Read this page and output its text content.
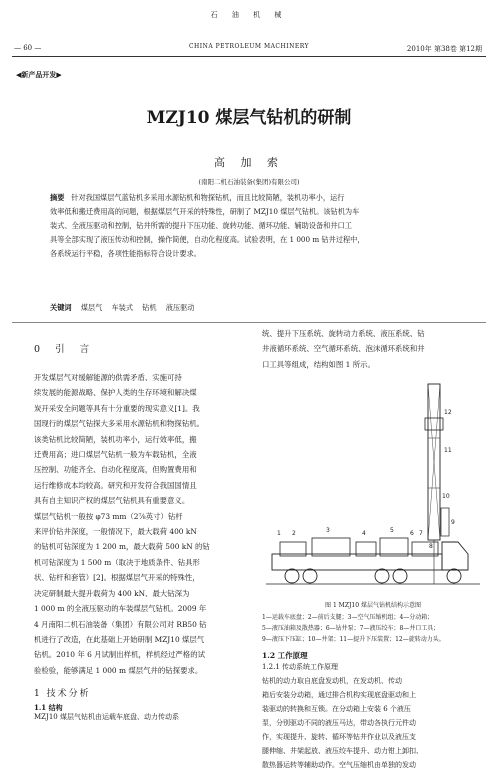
石 油 机 械
— 60 —	CHINA PETROLEUM MACHINERY	2010年 第38卷 第12期
◀新产品开发▶
MZJ10 煤层气钻机的研制
高 加 索
(南阳二机石油装备(集团)有限公司)
摘要 针对我国煤层气蓝钻机多采用水源钻机和物探钻机，而且比较简陋，装机功率小，运行
效率低和搬迁费用高的问题，根据煤层气开采的特殊性，研制了 MZJ10 煤层气钻机。该钻机为车
装式、全液压驱动和控制，钻井所需的提升下压功能、旋转功能、循环功能、辅助设备和井口工
具等全部实现了液压传动和控制，操作简便，自动化程度高。试验表明，在 1 000 m 钻井过程中，
各系统运行平稳，各项性能指标符合设计要求。
关键词 煤层气 车装式 钻机 液压驱动
0 引 言
开发煤层气对缓解能源的供需矛盾、实施可持
续发展的能源战略、保护人类的生存环境和解决煤
炭开采安全问题等具有十分重要的现实意义[1]。我
国现行的煤层气钻探大多采用水源钻机和物探钻机。
该类钻机比较简陋，装机功率小，运行效率低，搬
迁费用高；进口煤层气钻机一般为车载钻机，全液
压控制、功能齐全、自动化程度高，但购置费用和
运行维修成本均较高。研究和开发符合我国国情且
具有自主知识产权的煤层气钻机具有重要意义。
煤层气钻机一般按 φ73 mm（2⅞英寸）钻杆
来评价钻井深度，一般情况下，最大载荷 400 kN
的钻机可钻深度为 1 200 m，最大载荷 500 kN 的钻
机可钻深度为 1 500 m（取决于地质条件、钻具形
状、钻杆和套管）[2]。根据煤层气开采的特殊性，
决定研制最大提升载荷为 400 kN、最大钻深为
1 000 m 的全液压驱动的车装煤层气钻机。2009 年
4 月南阳二机石油装备（集团）有限公司对 RB50 钻
机进行了改造，在此基础上开始研制 MZJ10 煤层气
钻机。2010 年 6 月试制出样机，样机经过严格的试
验检验，能够满足 1 000 m 煤层气井的钻探要求。
1 技术分析
统、提升下压系统、旋转动力系统、液压系统、钻
井液循环系统、空气循环系统、泡沫循环系统和井
口工具等组成，结构如图 1 所示。
1 2	3	4	5	6 7
8
9
10
11
12
图 1 MZJ10 煤层气钻机结构示意图
1—运载车底盘；2—前后支腿；3—空气压缩机组；4—分动箱；
5—液压油箱及散热器；6—钻井泵；7—液压绞车；8—井口工具；
9—液压下压缸；10—井架；11—提升下压装置；12—旋转动力头。
1.2 工作原理
1.2.1 传动系统工作原理
钻机的动力取自底盘发动机，在发动机、传动
箱后安装分动箱，通过排合机构实现底盘驱动和上
装驱动的转换和互锁。在分动箱上安装 6 个液压
泵，分别驱动不同的液压马达，带动各执行元件动
作，实现提升、旋转、循环等钻井作业以及液压支
腿伸缩、井架起放、液压绞车提升、动力钳上卸扣、
散热器运转等辅助动作。空气压缩机由单独的发动
1.1 结构
MZJ10 煤层气钻机由运载车底盘、动力传动系
